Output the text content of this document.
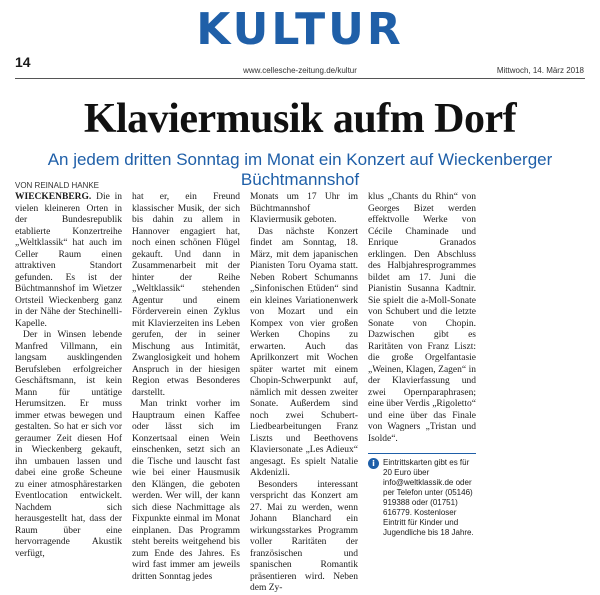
KULTUR
14
www.cellesche-zeitung.de/kultur	Mittwoch, 14. März 2018
Klaviermusik aufm Dorf
An jedem dritten Sonntag im Monat ein Konzert auf Wieckenberger Büchtmannshof
VON REINALD HANKE

WIECKENBERG. Die in vielen kleineren Orten in der Bundesrepublik etablierte Konzertreihe „Weltklassik“ hat auch im Celler Raum einen attraktiven Standort gefunden. Es ist der Büchtmannshof im Wietzer Ortsteil Wieckenberg ganz in der Nähe der Stechinelli-Kapelle.

Der in Winsen lebende Manfred Villmann, ein langsam ausklingenden Berufsleben erfolgreicher Geschäftsmann, ist kein Mann für untätige Herumsitzen. Er muss immer etwas bewegen und gestalten. So hat er sich vor geraumer Zeit diesen Hof in Wieckenberg gekauft, ihn umbauen lassen und dabei eine große Scheune zu einer atmosphärestarken Eventlocation entwickelt. Nachdem sich herausgestellt hat, dass der Raum über eine hervorragende Akustik verfügt,

hat er, ein Freund klassischer Musik, der sich bis dahin zu allem in Hannover engagiert hat, noch einen schönen Flügel gekauft. Und dann in Zusammenarbeit mit der hinter der Reihe „Weltklassik“ stehenden Agentur und einem Förderverein einen Zyklus mit Klavierzeiten ins Leben gerufen, der in seiner Mischung aus Intimität, Zwanglosigkeit und hohem Anspruch in der hiesigen Region etwas Besonderes darstellt.

Man trinkt vorher im Hauptraum einen Kaffee oder lässt sich im Konzertsaal einen Wein einschenken, setzt sich an die Tische und lauscht fast wie bei einer Hausmusik den Klängen, die geboten werden. Wer will, der kann sich diese Nachmittage als Fixpunkte einmal im Monat einplanen. Das Programm steht bereits weitgehend bis zum Ende des Jahres. Es wird fast immer am jeweils dritten Sonntag jedes

Monats um 17 Uhr im Büchtmannshof Klaviermusik geboten.

Das nächste Konzert findet am Sonntag, 18. März, mit dem japanischen Pianisten Toru Oyama statt. Neben Robert Schumanns „Sinfonischen Etüden“ sind ein kleines Variationenwerk von Mozart und ein Kompex von vier großen Werken Chopins zu erwarten. Auch das Aprilkonzert mit Wochen später wartet mit einem Chopin-Schwerpunkt auf, nämlich mit dessen zweiter Sonate. Außerdem sind noch zwei Schubert-Liedbearbeitungen Franz Liszts und Beethovens Klaviersonate „Les Adieux“ angesagt. Es spielt Natalie Akdenizli.

Besonders interessant verspricht das Konzert am 27. Mai zu werden, wenn Johann Blanchard ein wirkungsstarkes Programm voller Raritäten der französischen und spanischen Romantik präsentieren wird. Neben dem Zy-

klus „Chants du Rhin“ von Georges Bizet werden effektvolle Werke von Cécile Chaminade und Enrique Granados erklingen. Den Abschluss des Halbjahresprogrammes bildet am 17. Juni die Pianistin Susanna Kadtnir. Sie spielt die a-Moll-Sonate von Schubert und die letzte Sonate von Chopin. Dazwischen gibt es Raritäten von Franz Liszt: die große Orgelfantasie „Weinen, Klagen, Zagen“ in der Klavierfassung und zwei Opernparaphrasen; eine über Verdis „Rigoletto“ und eine über das Finale von Wagners „Tristan und Isolde“.

i	Eintrittskarten gibt es für 20 Euro über info@weltklassik.de oder per Telefon unter (05146) 919388 oder (01751) 616779. Kostenloser Eintritt für Kinder und Jugendliche bis 18 Jahre.
